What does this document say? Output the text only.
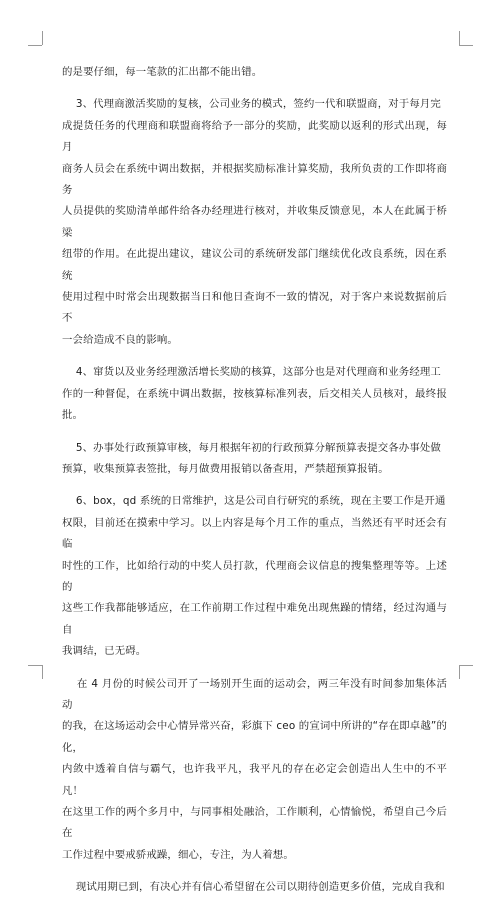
的是要仔细，每一笔款的汇出都不能出错。

3、代理商激活奖励的复核，公司业务的模式，签约一代和联盟商，对于每月完

成提货任务的代理商和联盟商将给予一部分的奖励，此奖励以返利的形式出现，每月

商务人员会在系统中调出数据，并根据奖励标准计算奖励，我所负责的工作即将商务

人员提供的奖励清单邮件给各办经理进行核对，并收集反馈意见，本人在此属于桥梁

纽带的作用。在此提出建议，建议公司的系统研发部门继续优化改良系统，因在系统

使用过程中时常会出现数据当日和他日查询不一致的情况，对于客户来说数据前后不

一会给造成不良的影响。

4、窜货以及业务经理激活增长奖励的核算，这部分也是对代理商和业务经理工

作的一种督促，在系统中调出数据，按核算标准列表，后交相关人员核对，最终报批。

5、办事处行政预算审核，每月根据年初的行政预算分解预算表提交各办事处做

预算，收集预算表签批，每月做费用报销以备查用，严禁超预算报销。

6、box，qd 系统的日常维护，这是公司自行研究的系统，现在主要工作是开通

权限，目前还在摸索中学习。以上内容是每个月工作的重点，当然还有平时还会有临

时性的工作，比如给行动的中奖人员打款，代理商会议信息的搜集整理等等。上述的

这些工作我都能够适应，在工作前期工作过程中难免出现焦躁的情绪，经过沟通与自

我调结，已无碍。

在 4 月份的时候公司开了一场别开生面的运动会，两三年没有时间参加集体活动

的我，在这场运动会中心情异常兴奋，彩旗下 ceo 的宣词中所讲的“存在即卓越”的化，

内敛中透着自信与霸气，也许我平凡，我平凡的存在必定会创造出人生中的不平凡！

在这里工作的两个多月中，与同事相处融洽，工作顺利，心情愉悦，希望自己今后在

工作过程中要戒骄戒躁，细心，专注，为人着想。

现试用期已到，有决心并有信心希望留在公司以期待创造更多价值，完成自我和
